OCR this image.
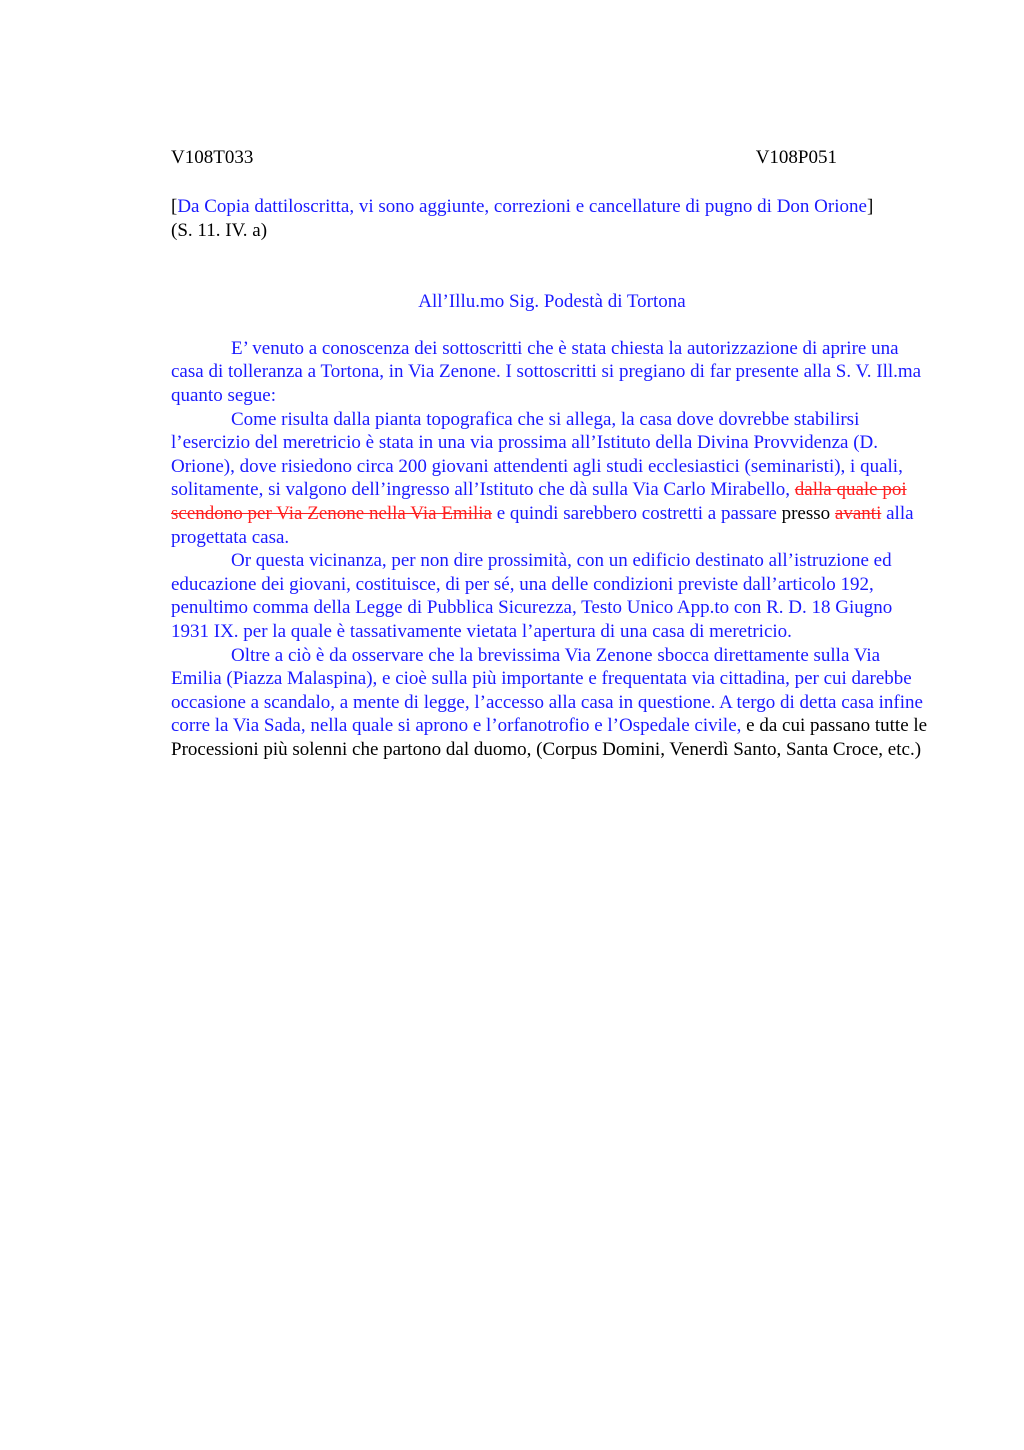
V108T033	V108P051
[Da Copia dattiloscritta, vi sono aggiunte, correzioni e cancellature di pugno di Don Orione]

(S. 11. IV. a)

All’Illu.mo Sig. Podestà di Tortona

E’ venuto a conoscenza dei sottoscritti che è stata chiesta la autorizzazione di aprire una casa di tolleranza a Tortona, in Via Zenone. I sottoscritti si pregiano di far presente alla S. V. Ill.ma quanto segue:

Come risulta dalla pianta topografica che si allega, la casa dove dovrebbe stabilirsi l’esercizio del meretricio è stata in una via prossima all’Istituto della Divina Provvidenza (D. Orione), dove risiedono circa 200 giovani attendenti agli studi ecclesiastici (seminaristi), i quali, solitamente, si valgono dell’ingresso all’Istituto che dà sulla Via Carlo Mirabello, dalla quale poi scendono per Via Zenone nella Via Emilia e quindi sarebbero costretti a passare presso avanti alla progettata casa.

Or questa vicinanza, per non dire prossimità, con un edificio destinato all’istruzione ed educazione dei giovani, costituisce, di per sé, una delle condizioni previste dall’articolo 192, penultimo comma della Legge di Pubblica Sicurezza, Testo Unico App.to con R. D. 18 Giugno 1931 IX. per la quale è tassativamente vietata l’apertura di una casa di meretricio.

Oltre a ciò è da osservare che la brevissima Via Zenone sbocca direttamente sulla Via Emilia (Piazza Malaspina), e cioè sulla più importante e frequentata via cittadina, per cui darebbe occasione a scandalo, a mente di legge, l’accesso alla casa in questione. A tergo di detta casa infine corre la Via Sada, nella quale si aprono e l’orfanotrofio e l’Ospedale civile, e da cui passano tutte le Processioni più solenni che partono dal duomo, (Corpus Domini, Venerdì Santo, Santa Croce, etc.)
